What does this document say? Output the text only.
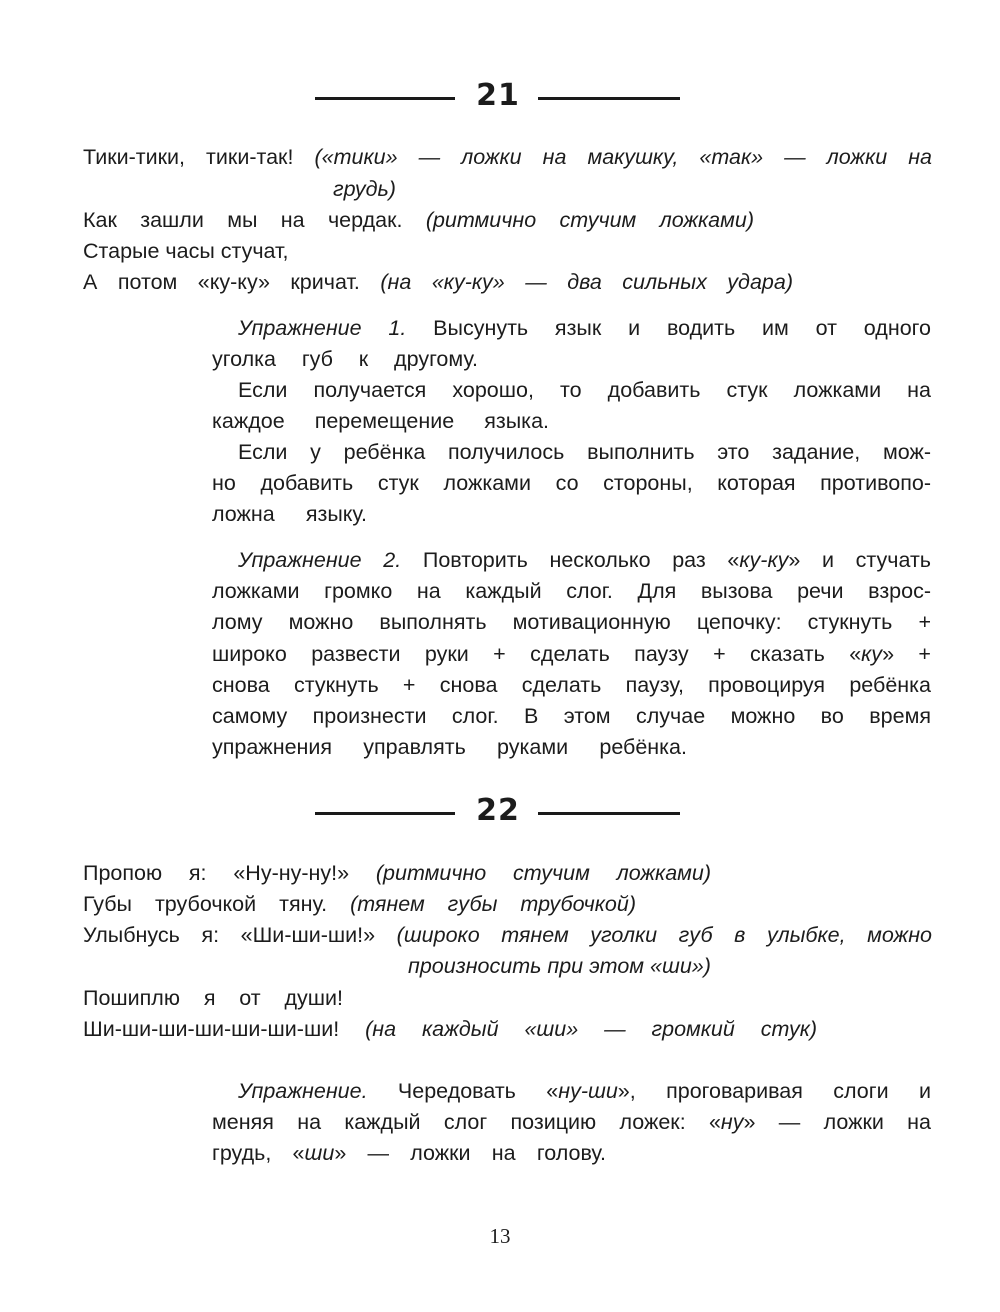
21
Тики-тики, тики-так! («тики» — ложки на макушку, «так» — ложки на
грудь)
Как зашли мы на чердак. (ритмично стучим ложками)
Старые часы стучат,
А потом «ку-ку» кричат. (на «ку-ку» — два сильных удара)
Упражнение 1. Высунуть язык и водить им от одного
уголка губ к другому.
Если получается хорошо, то добавить стук ложками на
каждое перемещение языка.
Если у ребёнка получилось выполнить это задание, мож-
но добавить стук ложками со стороны, которая противопо-
ложна языку.
Упражнение 2. Повторить несколько раз «ку-ку» и стучать
ложками громко на каждый слог. Для вызова речи взрос-
лому можно выполнять мотивационную цепочку: стукнуть +
широко развести руки + сделать паузу + сказать «ку» +
снова стукнуть + снова сделать паузу, провоцируя ребёнка
самому произнести слог. В этом случае можно во время
упражнения управлять руками ребёнка.
22
Пропою я: «Ну-ну-ну!» (ритмично стучим ложками)
Губы трубочкой тяну. (тянем губы трубочкой)
Улыбнусь я: «Ши-ши-ши!» (широко тянем уголки губ в улыбке, можно
произносить при этом «ши»)
Пошиплю я от души!
Ши-ши-ши-ши-ши-ши-ши! (на каждый «ши» — громкий стук)
Упражнение. Чередовать «ну-ши», проговаривая слоги и
меняя на каждый слог позицию ложек: «ну» — ложки на
грудь, «ши» — ложки на голову.
13
